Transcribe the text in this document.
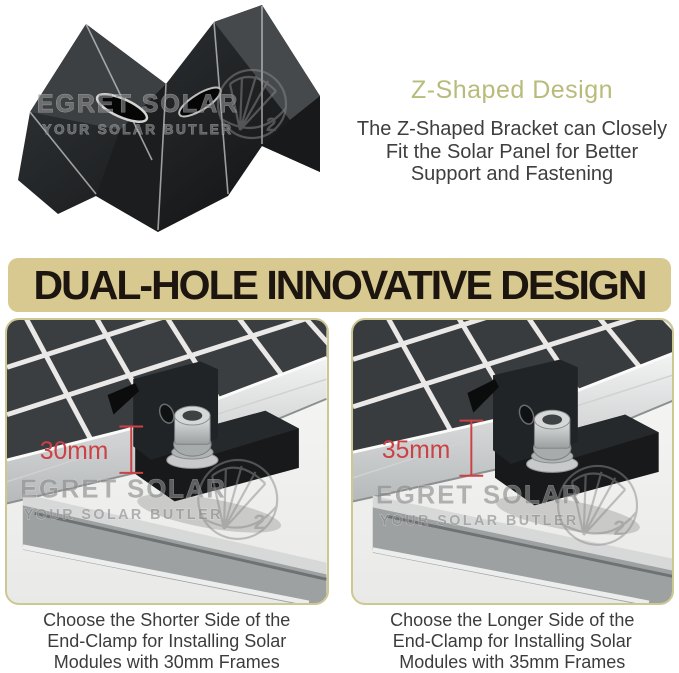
EGRET SOLAR
YOUR SOLAR BUTLER 2
Z-Shaped Design
The Z-Shaped Bracket can Closely
Fit the Solar Panel for Better
Support and Fastening
DUAL-HOLE INNOVATIVE DESIGN
30mm
EGRET SOLAR
YOUR SOLAR BUTLER 2
35mm
EGRET SOLAR
YOUR SOLAR BUTLER 2
Choose the Shorter Side of the
End-Clamp for Installing Solar
Modules with 30mm Frames
Choose the Longer Side of the
End-Clamp for Installing Solar
Modules with 35mm Frames
